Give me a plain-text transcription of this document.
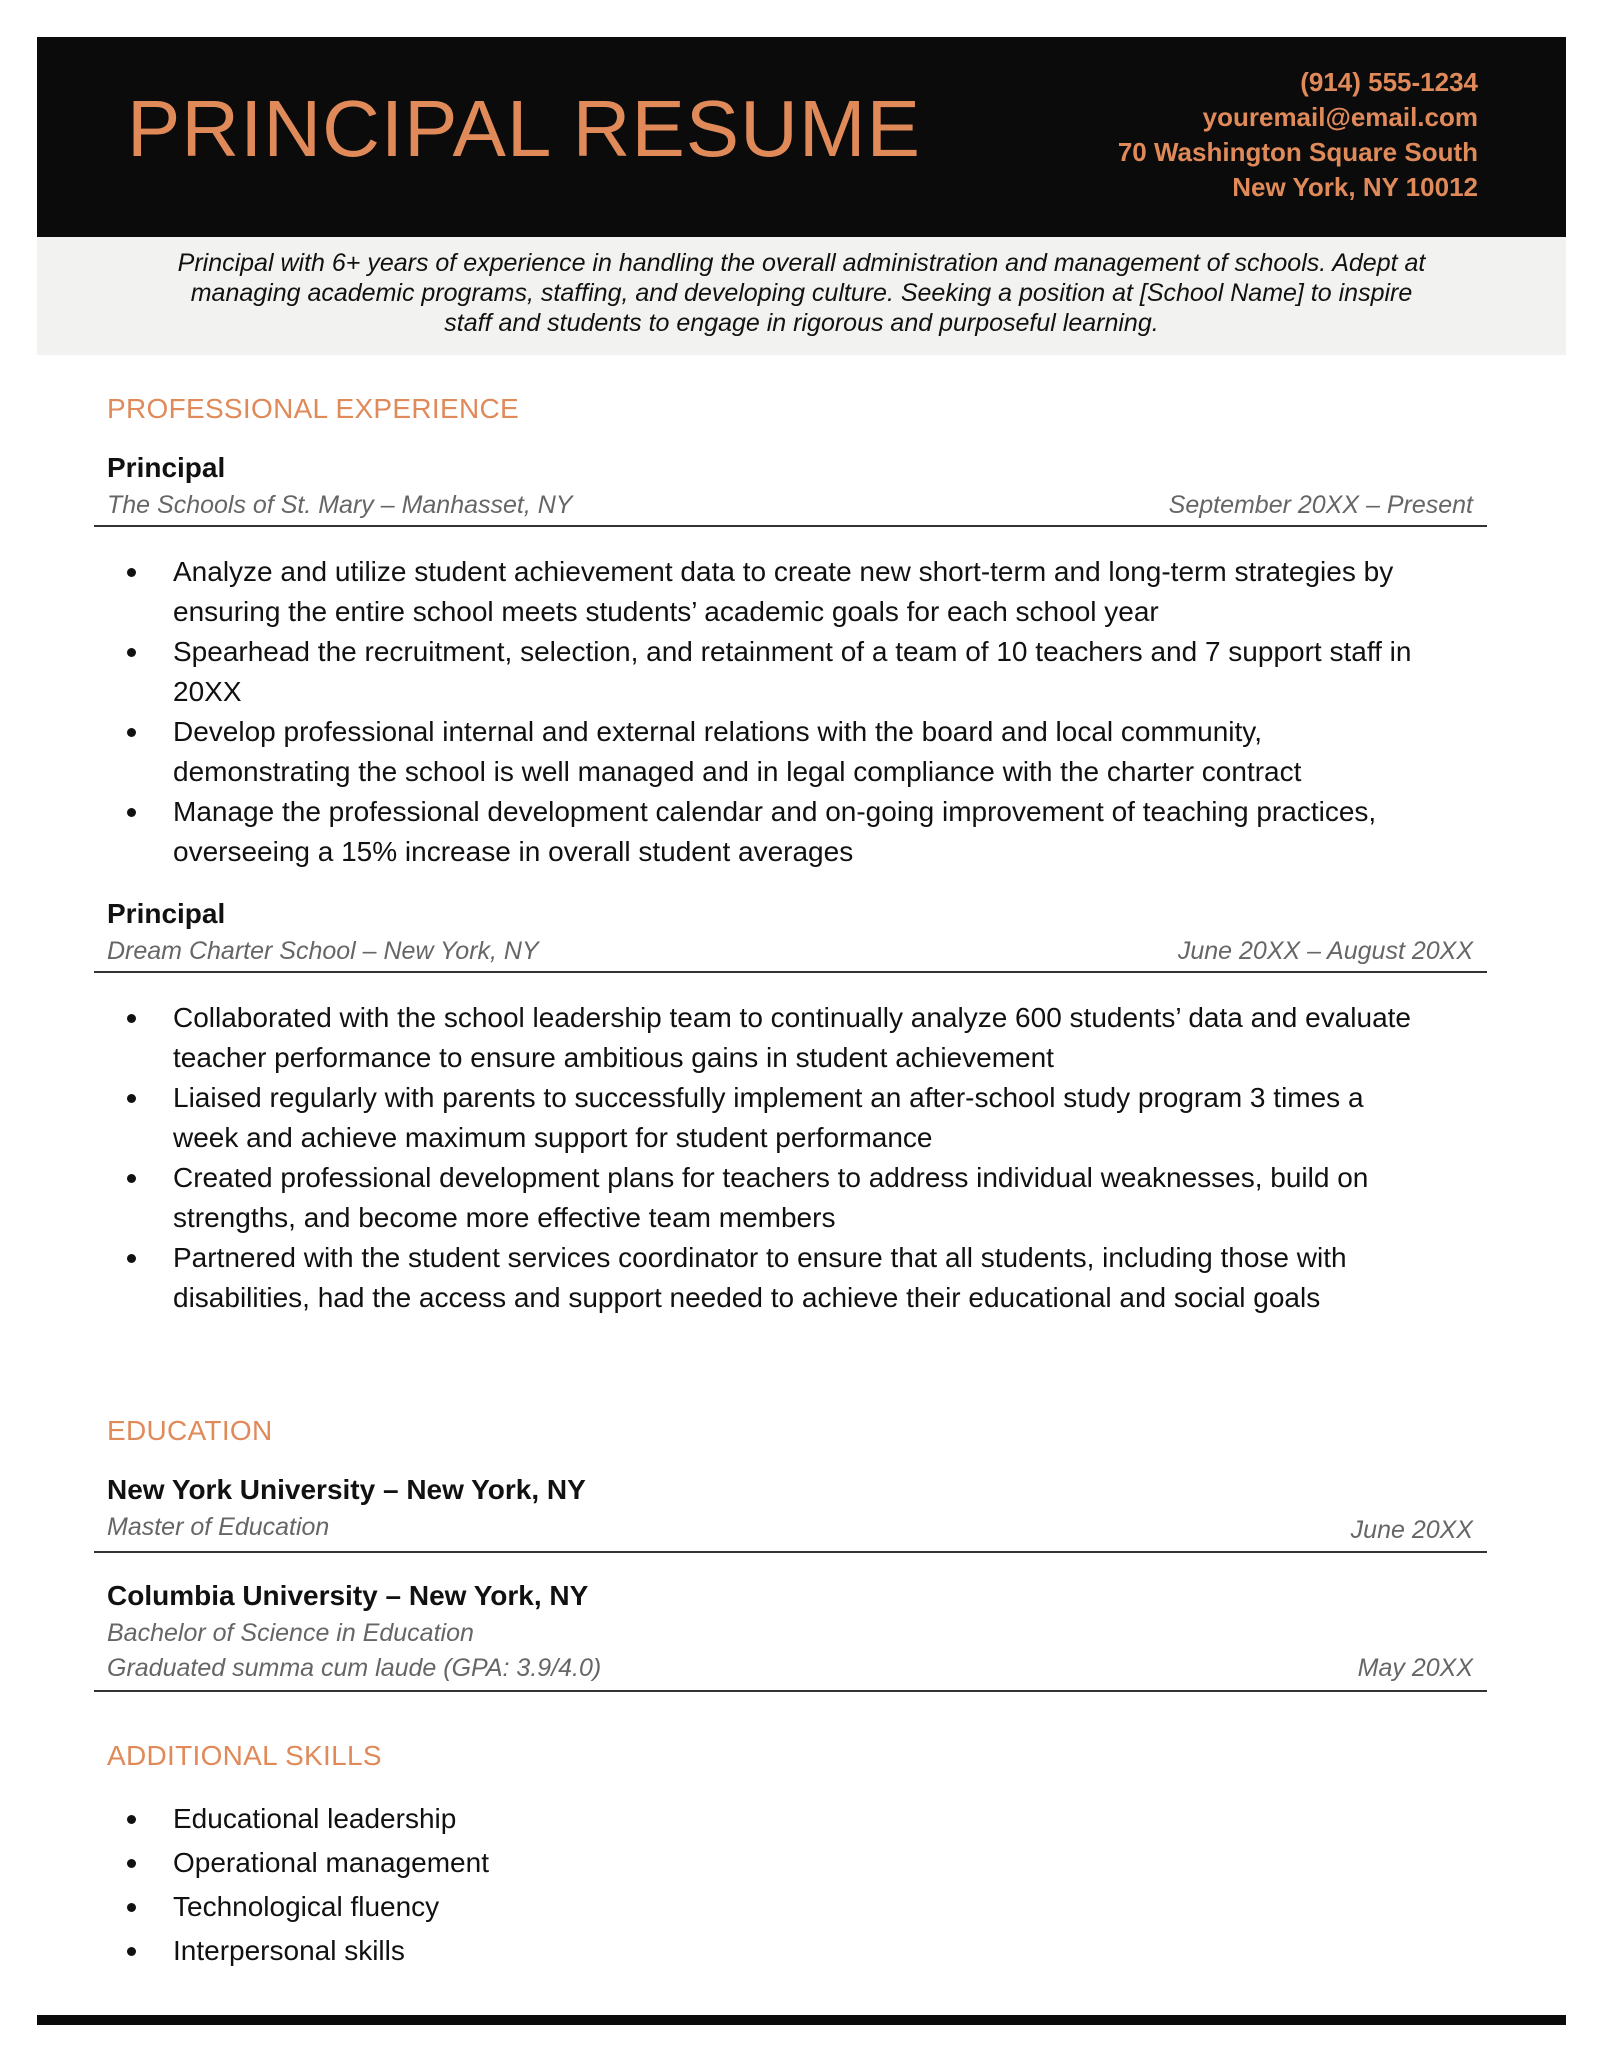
PRINCIPAL RESUME
(914) 555-1234
youremail@email.com
70 Washington Square South
New York, NY 10012
Principal with 6+ years of experience in handling the overall administration and management of schools. Adept at managing academic programs, staffing, and developing culture. Seeking a position at [School Name] to inspire staff and students to engage in rigorous and purposeful learning.
PROFESSIONAL EXPERIENCE
Principal
The Schools of St. Mary – Manhasset, NY	September 20XX – Present
Analyze and utilize student achievement data to create new short-term and long-term strategies by ensuring the entire school meets students’ academic goals for each school year
Spearhead the recruitment, selection, and retainment of a team of 10 teachers and 7 support staff in 20XX
Develop professional internal and external relations with the board and local community, demonstrating the school is well managed and in legal compliance with the charter contract
Manage the professional development calendar and on-going improvement of teaching practices, overseeing a 15% increase in overall student averages
Principal
Dream Charter School – New York, NY	June 20XX – August 20XX
Collaborated with the school leadership team to continually analyze 600 students’ data and evaluate teacher performance to ensure ambitious gains in student achievement
Liaised regularly with parents to successfully implement an after-school study program 3 times a week and achieve maximum support for student performance
Created professional development plans for teachers to address individual weaknesses, build on strengths, and become more effective team members
Partnered with the student services coordinator to ensure that all students, including those with disabilities, had the access and support needed to achieve their educational and social goals
EDUCATION
New York University – New York, NY
Master of Education	June 20XX
Columbia University – New York, NY
Bachelor of Science in Education
Graduated summa cum laude (GPA: 3.9/4.0)	May 20XX
ADDITIONAL SKILLS
Educational leadership
Operational management
Technological fluency
Interpersonal skills
